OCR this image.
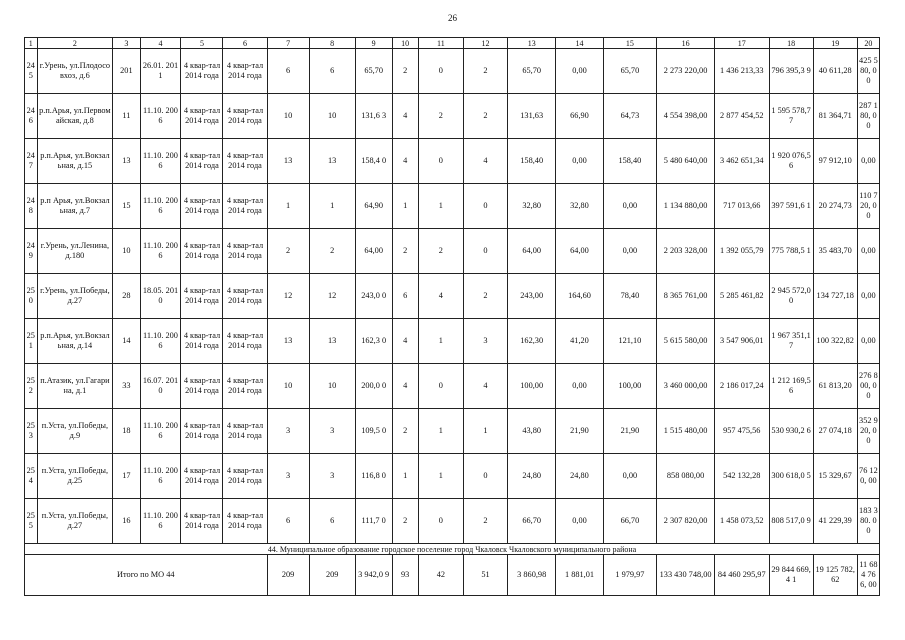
26
1	2	3	4	5	6	7	8	9	10	11	12	13	14	15	16	17	18	19	20
24 5	г.Урень, ул.Плодосовхоз, д.6	201	26.01. 2011	4 квар-тал 2014 года	4 квар-тал 2014 года	6	6	65,70	2	0	2	65,70	0,00	65,70	2 273 220,00	1 436 213,33	796 395,3 9	40 611,28	425 580, 00
24 6	р.п.Арья, ул.Первомайская, д.8	11	11.10. 2006	4 квар-тал 2014 года	4 квар-тал 2014 года	10	10	131,6 3	4	2	2	131,63	66,90	64,73	4 554 398,00	2 877 454,52	1 595 578,7 7	81 364,71	287 180, 00
24 7	р.п.Арья, ул.Вокзальная, д.15	13	11.10. 2006	4 квар-тал 2014 года	4 квар-тал 2014 года	13	13	158,4 0	4	0	4	158,40	0,00	158,40	5 480 640,00	3 462 651,34	1 920 076,5 6	97 912,10	0,00
24 8	р.п Арья, ул.Вокзальная, д.7	15	11.10. 2006	4 квар-тал 2014 года	4 квар-тал 2014 года	1	1	64,90	1	1	0	32,80	32,80	0,00	1 134 880,00	717 013,66	397 591,6 1	20 274,73	110 720, 00
24 9	г.Урень, ул.Ленина, д.180	10	11.10. 2006	4 квар-тал 2014 года	4 квар-тал 2014 года	2	2	64,00	2	2	0	64,00	64,00	0,00	2 203 328,00	1 392 055,79	775 788,5 1	35 483,70	0,00
25 0	г.Урень, ул.Победы, д.27	28	18.05. 2010	4 квар-тал 2014 года	4 квар-тал 2014 года	12	12	243,0 0	6	4	2	243,00	164,60	78,40	8 365 761,00	5 285 461,82	2 945 572,0 0	134 727,18	0,00
25 1	р.п.Арья, ул.Вокзальная, д.14	14	11.10. 2006	4 квар-тал 2014 года	4 квар-тал 2014 года	13	13	162,3 0	4	1	3	162,30	41,20	121,10	5 615 580,00	3 547 906,01	1 967 351,1 7	100 322,82	0,00
25 2	п.Атазик, ул.Гагарина, д.1	33	16.07. 2010	4 квар-тал 2014 года	4 квар-тал 2014 года	10	10	200,0 0	4	0	4	100,00	0,00	100,00	3 460 000,00	2 186 017,24	1 212 169,5 6	61 813,20	276 800, 00
25 3	п.Уста, ул.Победы, д.9	18	11.10. 2006	4 квар-тал 2014 года	4 квар-тал 2014 года	3	3	109,5 0	2	1	1	43,80	21,90	21,90	1 515 480,00	957 475,56	530 930,2 6	27 074,18	352 920, 00
25 4	п.Уста, ул.Победы, д.25	17	11.10. 2006	4 квар-тал 2014 года	4 квар-тал 2014 года	3	3	116,8 0	1	1	0	24,80	24,80	0,00	858 080,00	542 132,28	300 618,0 5	15 329,67	76 120, 00
25 5	п.Уста, ул.Победы, д.27	16	11.10. 2006	4 квар-тал 2014 года	4 квар-тал 2014 года	6	6	111,7 0	2	0	2	66,70	0,00	66,70	2 307 820,00	1 458 073,52	808 517,0 9	41 229,39	183 380. 00
44. Муниципальное образование городское поселение город Чкаловск Чкаловского муниципального района																			
Итого по МО 44						209	209	3 942,0 9	93	42	51	3 860,98	1 881,01	1 979,97	133 430 748,00	84 460 295,97	29 844 669,4 1	19 125 782,62	11 684 766, 00
